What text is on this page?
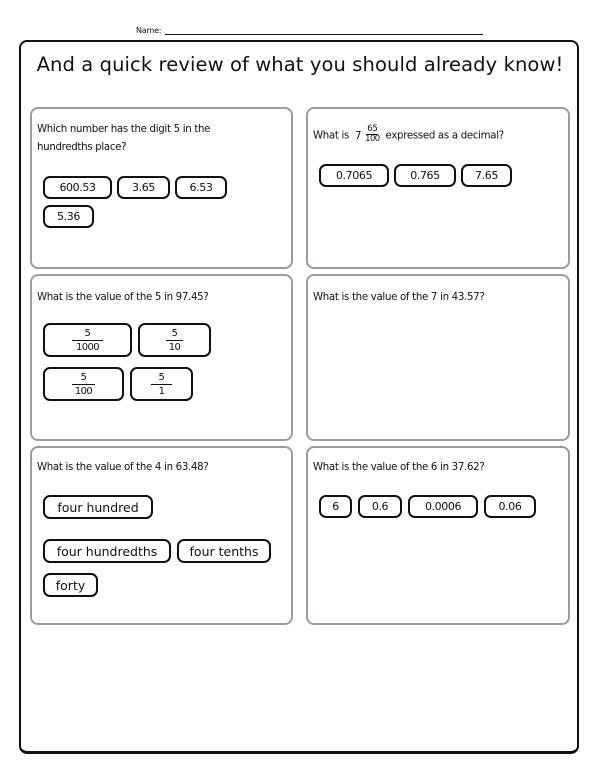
Name:
And a quick review of what you should already know!
Which number has the digit 5 in the hundredths place?
600.53	3.65	6.53
5.36
What is $7 \frac{65}{100}$ expressed as a decimal?
0.7065	0.765	7.65
What is the value of the 5 in 97.45?
$\frac{5}{1000}$	$\frac{5}{10}$
$\frac{5}{100}$	$\frac{5}{1}$
What is the value of the 7 in 43.57?
What is the value of the 4 in 63.48?
four hundred
four hundredths	four tenths
forty
What is the value of the 6 in 37.62?
6	0.6	0.0006	0.06
